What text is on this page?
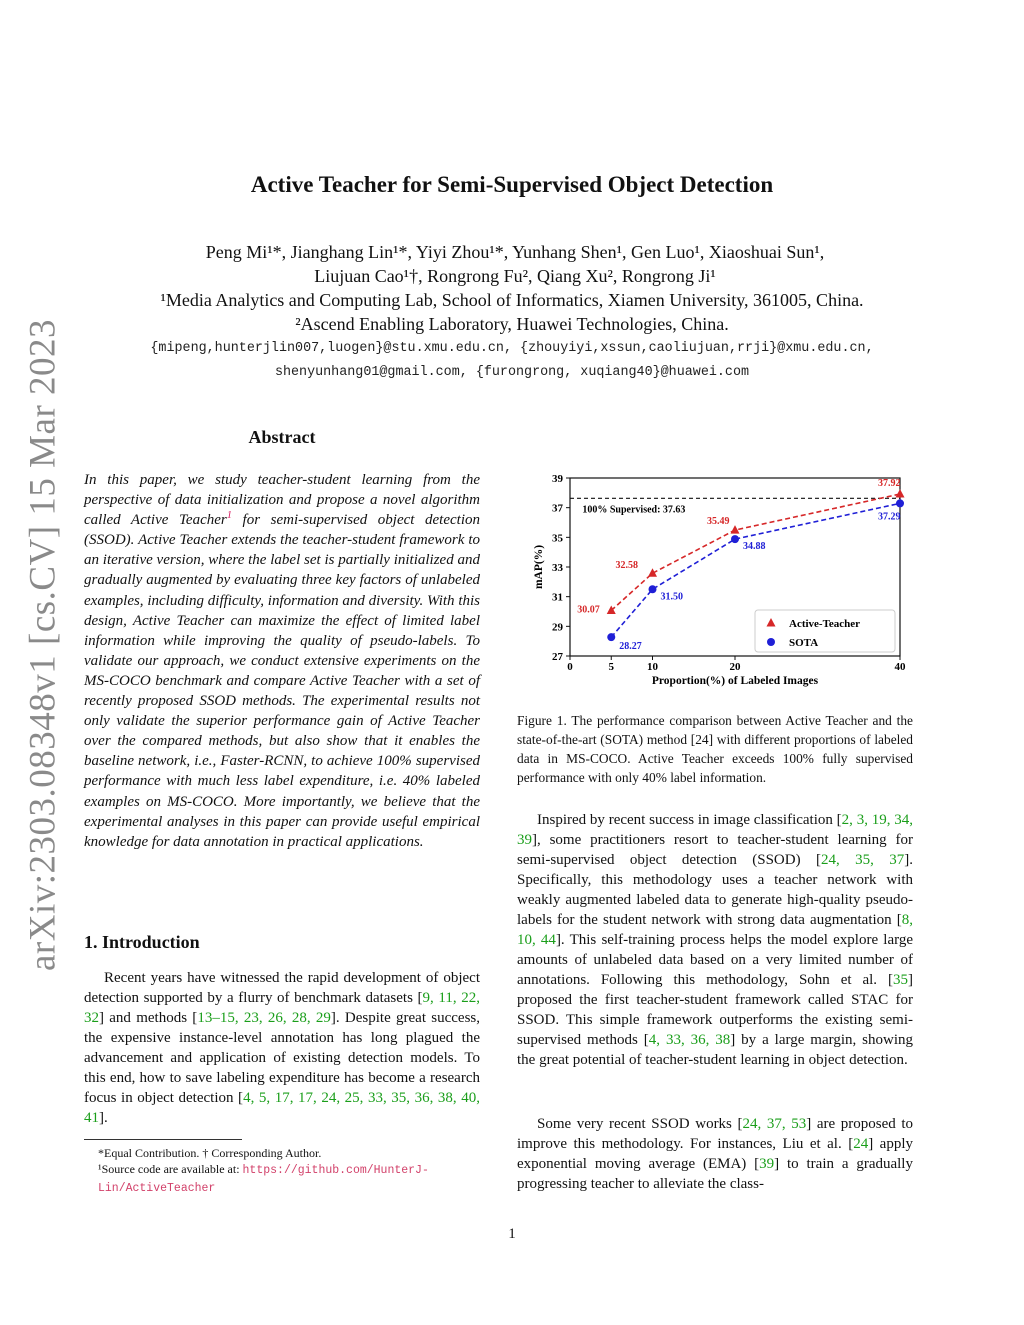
arXiv:2303.08348v1 [cs.CV] 15 Mar 2023
Active Teacher for Semi-Supervised Object Detection
Peng Mi¹*, Jianghang Lin¹*, Yiyi Zhou¹*, Yunhang Shen¹, Gen Luo¹, Xiaoshuai Sun¹,
Liujuan Cao¹†, Rongrong Fu², Qiang Xu², Rongrong Ji¹
¹Media Analytics and Computing Lab, School of Informatics, Xiamen University, 361005, China.
²Ascend Enabling Laboratory, Huawei Technologies, China.
{mipeng,hunterjlin007,luogen}@stu.xmu.edu.cn, {zhouyiyi,xssun,caoliujuan,rrji}@xmu.edu.cn,
shenyunhang01@gmail.com, {furongrong, xuqiang40}@huawei.com
Abstract
In this paper, we study teacher-student learning from the perspective of data initialization and propose a novel algorithm called Active Teacher$^1$ for semi-supervised object detection (SSOD). Active Teacher extends the teacher-student framework to an iterative version, where the label set is partially initialized and gradually augmented by evaluating three key factors of unlabeled examples, including difficulty, information and diversity. With this design, Active Teacher can maximize the effect of limited label information while improving the quality of pseudo-labels. To validate our approach, we conduct extensive experiments on the MS-COCO benchmark and compare Active Teacher with a set of recently proposed SSOD methods. The experimental results not only validate the superior performance gain of Active Teacher over the compared methods, but also show that it enables the baseline network, i.e., Faster-RCNN, to achieve 100% supervised performance with much less label expenditure, i.e. 40% labeled examples on MS-COCO. More importantly, we believe that the experimental analyses in this paper can provide useful empirical knowledge for data annotation in practical applications.
1. Introduction
Recent years have witnessed the rapid development of object detection supported by a flurry of benchmark datasets [9, 11, 22, 32] and methods [13–15, 23, 26, 28, 29]. Despite great success, the expensive instance-level annotation has long plagued the advancement and application of existing detection models. To this end, how to save labeling expenditure has become a research focus in object detection [4, 5, 17, 17, 24, 25, 33, 35, 36, 38, 40, 41].
*Equal Contribution. † Corresponding Author.
¹Source code are available at: https://github.com/HunterJ-Lin/ActiveTeacher
0	5	10	20	40
27
29
31
33
35
37
39
Proportion(%) of Labeled Images
mAP(%)
100% Supervised: 37.63
30.07
32.58
35.49
37.92
28.27
31.50
34.88
37.29
Active-Teacher
SOTA
Figure 1. The performance comparison between Active Teacher and the state-of-the-art (SOTA) method [24] with different proportions of labeled data in MS-COCO. Active Teacher exceeds 100% fully supervised performance with only 40% label information.
Inspired by recent success in image classification [2, 3, 19, 34, 39], some practitioners resort to teacher-student learning for semi-supervised object detection (SSOD) [24, 35, 37]. Specifically, this methodology uses a teacher network with weakly augmented labeled data to generate high-quality pseudo-labels for the student network with strong data augmentation [8, 10, 44]. This self-training process helps the model explore large amounts of unlabeled data based on a very limited number of annotations. Following this methodology, Sohn et al. [35] proposed the first teacher-student framework called STAC for SSOD. This simple framework outperforms the existing semi-supervised methods [4, 33, 36, 38] by a large margin, showing the great potential of teacher-student learning in object detection.
Some very recent SSOD works [24, 37, 53] are proposed to improve this methodology. For instances, Liu et al. [24] apply exponential moving average (EMA) [39] to train a gradually progressing teacher to alleviate the class-
1
